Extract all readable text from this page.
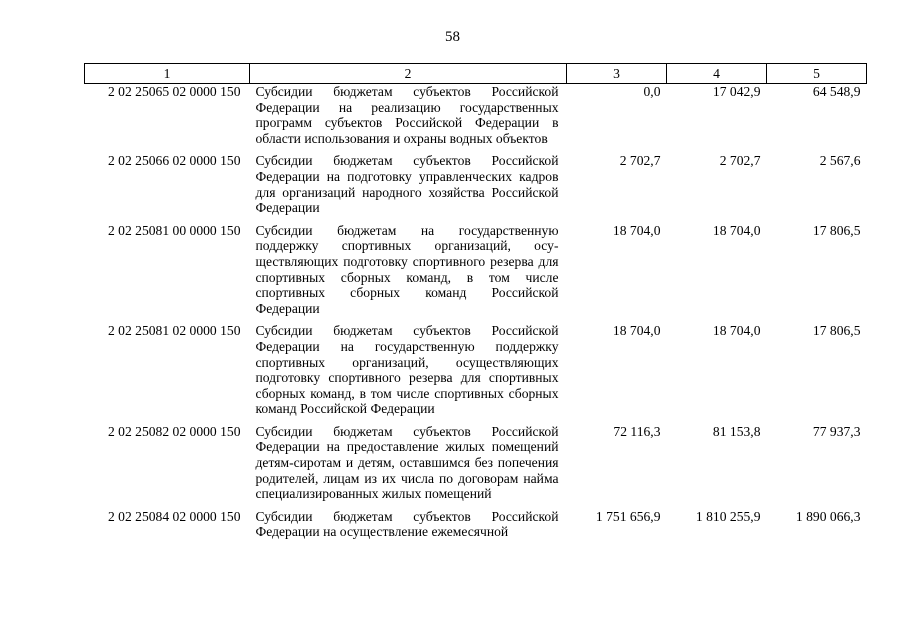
58
1	2	3	4	5
2 02 25065 02 0000 150	Субсидии бюджетам субъектов Российской Федерации на реализацию государственных программ субъектов Российской Федерации в области использования и охраны водных объектов	0,0	17 042,9	64 548,9
2 02 25066 02 0000 150	Субсидии бюджетам субъектов Российской Федерации на подготовку управленческих кадров для организаций народного хозяйства Российской Федерации	2 702,7	2 702,7	2 567,6
2 02 25081 00 0000 150	Субсидии бюджетам на государственную поддержку спортивных организаций, осуществляющих подготовку спортивного резерва для спортивных сборных команд, в том числе спортивных сборных команд Российской Федерации	18 704,0	18 704,0	17 806,5
2 02 25081 02 0000 150	Субсидии бюджетам субъектов Российской Федерации на государственную поддержку спортивных организаций, осуществляющих подготовку спортивного резерва для спортивных сборных команд, в том числе спортивных сборных команд Российской Федерации	18 704,0	18 704,0	17 806,5
2 02 25082 02 0000 150	Субсидии бюджетам субъектов Российской Федерации на предоставление жилых помещений детям-сиротам и детям, оставшимся без попечения родителей, лицам из их числа по договорам найма специализированных жилых помещений	72 116,3	81 153,8	77 937,3
2 02 25084 02 0000 150	Субсидии бюджетам субъектов Российской Федерации на осуществление ежемесячной	1 751 656,9	1 810 255,9	1 890 066,3
